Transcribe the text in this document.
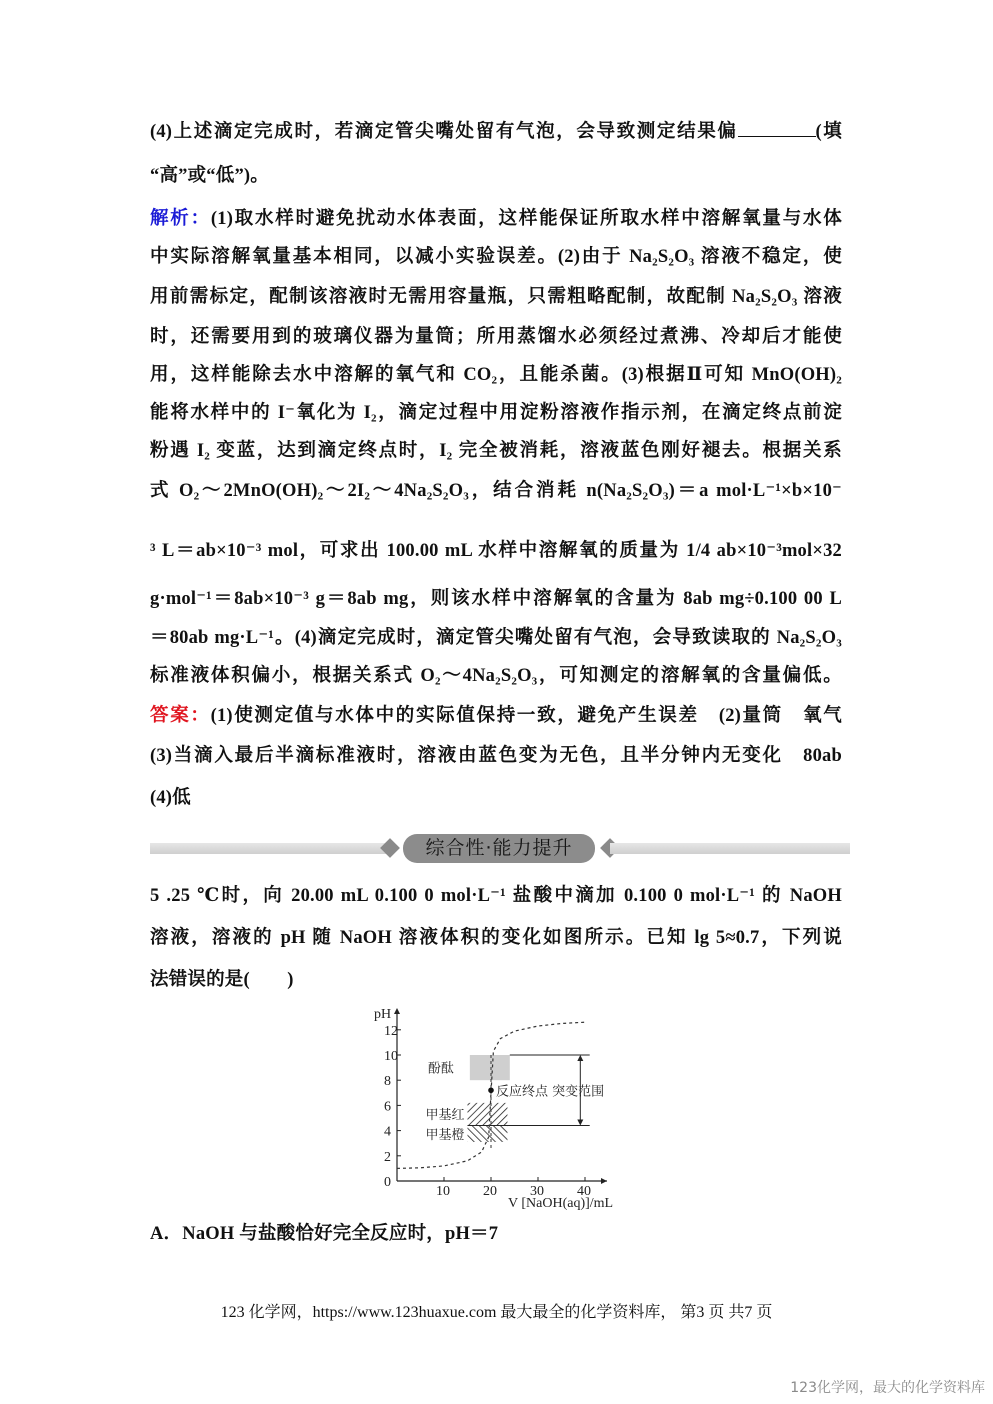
(4)上述滴定完成时，若滴定管尖嘴处留有气泡，会导致测定结果偏	(填
“高”或“低”)。
解析：(1)取水样时避免扰动水体表面，这样能保证所取水样中溶解氧量与水体
中实际溶解氧量基本相同，以减小实验误差。(2)由于 Na₂S₂O₃ 溶液不稳定，使
用前需标定，配制该溶液时无需用容量瓶，只需粗略配制，故配制 Na₂S₂O₃ 溶液
时，还需要用到的玻璃仪器为量筒；所用蒸馏水必须经过煮沸、冷却后才能使
用，这样能除去水中溶解的氧气和 CO₂，且能杀菌。(3)根据Ⅱ可知 MnO(OH)₂
能将水样中的 I⁻氧化为 I₂，滴定过程中用淀粉溶液作指示剂，在滴定终点前淀
粉遇 I₂ 变蓝，达到滴定终点时，I₂ 完全被消耗，溶液蓝色刚好褪去。根据关系
式 O₂～2MnO(OH)₂～2I₂～4Na₂S₂O₃，结合消耗 n(Na₂S₂O₃)＝a mol·L⁻¹×b×10⁻
³ L＝ab×10⁻³ mol，可求出 100.00 mL 水样中溶解氧的质量为 1/4 ab×10⁻³mol×32
g·mol⁻¹＝8ab×10⁻³ g＝8ab mg，则该水样中溶解氧的含量为 8ab mg÷0.100 00 L
＝80ab mg·L⁻¹。(4)滴定完成时，滴定管尖嘴处留有气泡，会导致读取的 Na₂S₂O₃
标准液体积偏小，根据关系式 O₂～4Na₂S₂O₃，可知测定的溶解氧的含量偏低。
答案：(1)使测定值与水体中的实际值保持一致，避免产生误差　(2)量筒　氧气
(3)当滴入最后半滴标准液时，溶液由蓝色变为无色，且半分钟内无变化　80ab
(4)低
综合性·能力提升
5 .25 ℃时，向 20.00 mL 0.100 0 mol·L⁻¹ 盐酸中滴加 0.100 0 mol·L⁻¹ 的 NaOH
溶液，溶液的 pH 随 NaOH 溶液体积的变化如图所示。已知 lg 5≈0.7，下列说
法错误的是(　　)
pH
V [NaOH(aq)]/mL
0
2
4
6
8
10
12
10 20 30 40
酚酞
甲基红
甲基橙
反应终点 突变范围
A．NaOH 与盐酸恰好完全反应时，pH＝7
123 化学网，https://www.123huaxue.com 最大最全的化学资料库， 第3 页 共7 页
123化学网，最大的化学资料库
